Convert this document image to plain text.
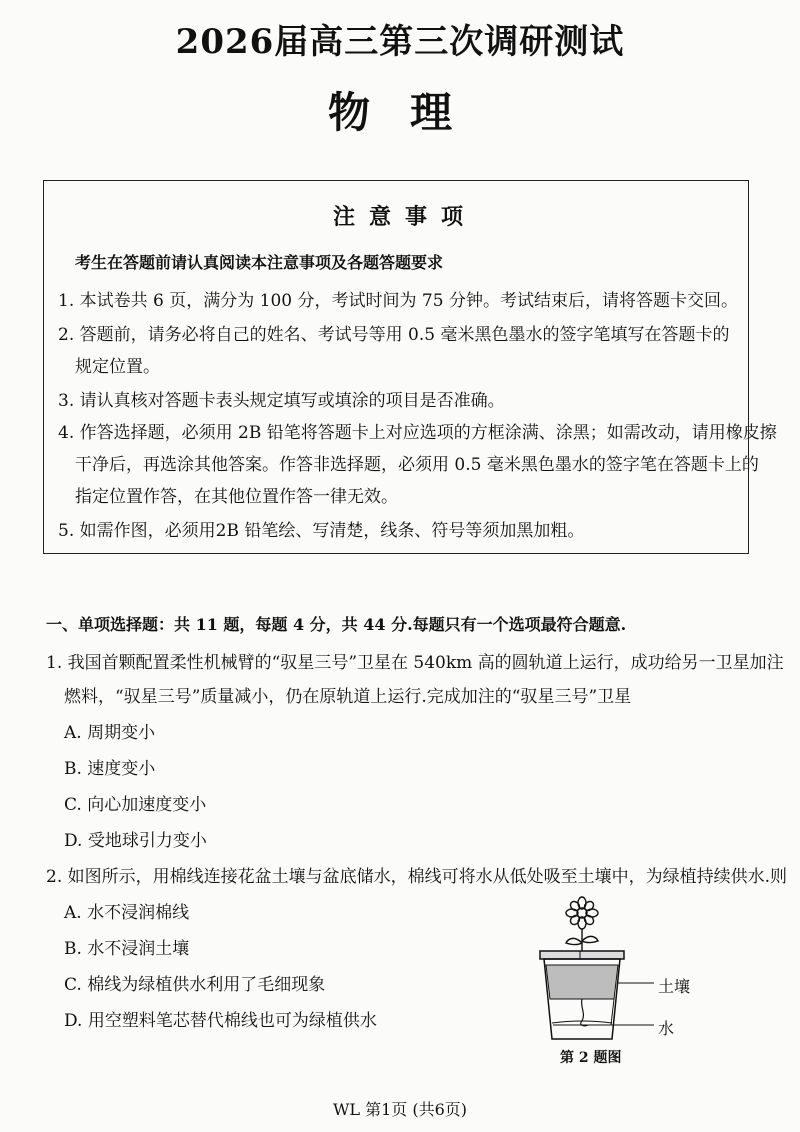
2026届高三第三次调研测试
物理
注意事项
考生在答题前请认真阅读本注意事项及各题答题要求
1. 本试卷共 6 页，满分为 100 分，考试时间为 75 分钟。考试结束后，请将答题卡交回。
2. 答题前，请务必将自己的姓名、考试号等用 0.5 毫米黑色墨水的签字笔填写在答题卡的
规定位置。
3. 请认真核对答题卡表头规定填写或填涂的项目是否准确。
4. 作答选择题，必须用 2B 铅笔将答题卡上对应选项的方框涂满、涂黑；如需改动，请用橡皮擦
干净后，再选涂其他答案。作答非选择题，必须用 0.5 毫米黑色墨水的签字笔在答题卡上的
指定位置作答，在其他位置作答一律无效。
5. 如需作图，必须用2B 铅笔绘、写清楚，线条、符号等须加黑加粗。
一、单项选择题：共 11 题，每题 4 分，共 44 分.每题只有一个选项最符合题意.
1. 我国首颗配置柔性机械臂的“驭星三号”卫星在 540km 高的圆轨道上运行，成功给另一卫星加注
燃料，“驭星三号”质量减小，仍在原轨道上运行.完成加注的“驭星三号”卫星
A. 周期变小
B. 速度变小
C. 向心加速度变小
D. 受地球引力变小
2. 如图所示，用棉线连接花盆土壤与盆底储水，棉线可将水从低处吸至土壤中，为绿植持续供水.则
A. 水不浸润棉线
B. 水不浸润土壤
C. 棉线为绿植供水利用了毛细现象
D. 用空塑料笔芯替代棉线也可为绿植供水
土壤
水
第 2 题图
WL 第1页 (共6页)
